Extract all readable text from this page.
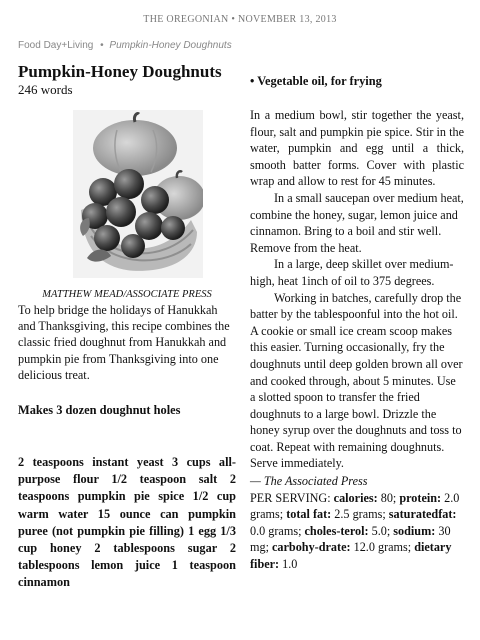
THE OREGONIAN • NOVEMBER 13, 2013
Food Day+Living • Pumpkin-Honey Doughnuts
Pumpkin-Honey Doughnuts
246 words
MATTHEW MEAD/ASSOCIATE PRESS

To help bridge the holidays of Hanukkah and Thanksgiving, this recipe combines the classic fried doughnut from Hanukkah and pumpkin pie from Thanksgiving into one delicious treat.

Makes 3 dozen doughnut holes
2 teaspoons instant yeast 3 cups all-purpose flour 1/2 teaspoon salt 2 teaspoons pumpkin pie spice 1/2 cup warm water 15 ounce can pumpkin puree (not pumpkin pie filling) 1 egg 1/3 cup honey 2 tablespoons sugar 2 tablespoons lemon juice 1 teaspoon cinnamon
• Vegetable oil, for frying

In a medium bowl, stir together the yeast, flour, salt and pumpkin pie spice. Stir in the water, pumpkin and egg until a thick, smooth batter forms. Cover with plastic wrap and allow to rest for 45 minutes.

In a small saucepan over medium heat, combine the honey, sugar, lemon juice and cinnamon. Bring to a boil and stir well. Remove from the heat.

In a large, deep skillet over medium-high, heat 1inch of oil to 375 degrees.

Working in batches, carefully drop the batter by the tablespoonful into the hot oil. A cookie or small ice cream scoop makes this easier. Turning occasionally, fry the doughnuts until deep golden brown all over and cooked through, about 5 minutes. Use a slotted spoon to transfer the fried doughnuts to a large bowl. Drizzle the honey syrup over the doughnuts and toss to coat. Repeat with remaining doughnuts. Serve immediately.

— The Associated Press

PER SERVING: calories: 80; protein: 2.0 grams; total fat: 2.5 grams; saturatedfat: 0.0 grams; choles-terol: 5.0; sodium: 30 mg; carbohy-drate: 12.0 grams; dietary fiber: 1.0
